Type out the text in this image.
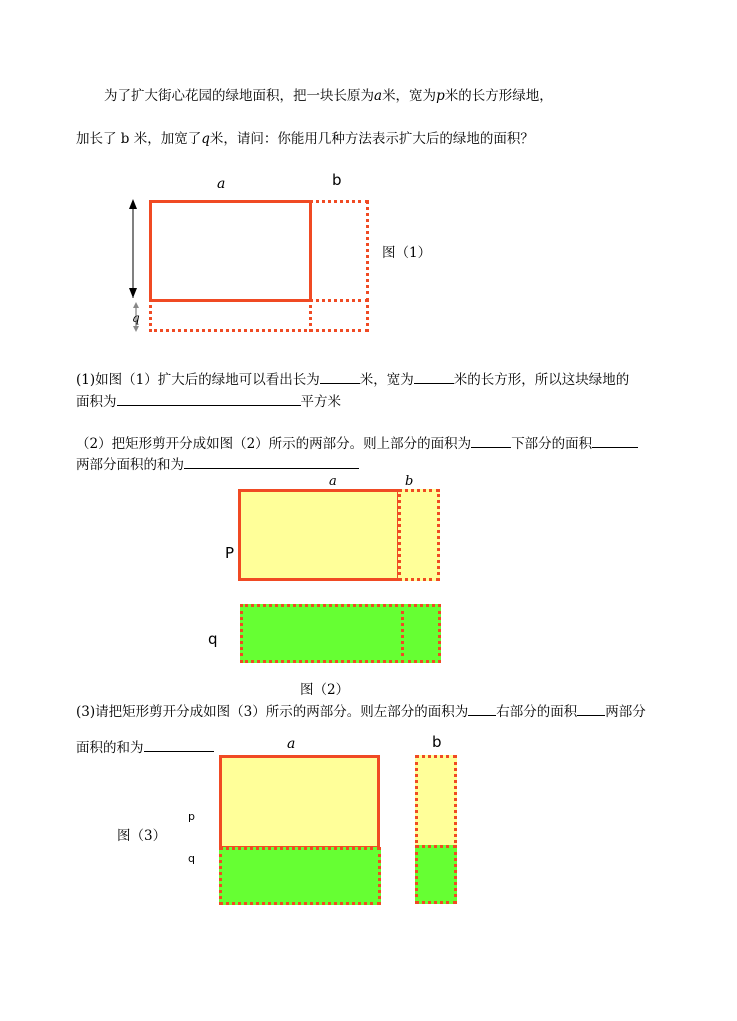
为了扩大街心花园的绿地面积，把一块长原为a米，宽为p米的长方形绿地，
加长了 b 米，加宽了q米，请问：你能用几种方法表示扩大后的绿地的面积？
a	b
q
图（1）
(1)如图（1）扩大后的绿地可以看出长为	米，宽为	米的长方形，所以这块绿地的
面积为	平方米
（2）把矩形剪开分成如图（2）所示的两部分。则上部分的面积为	下部分的面积
两部分面积的和为
a	b
P
q
图（2）
(3)请把矩形剪开分成如图（3）所示的两部分。则左部分的面积为 右部分的面积 两部分
面积的和为	a	b
p
q
图（3）
